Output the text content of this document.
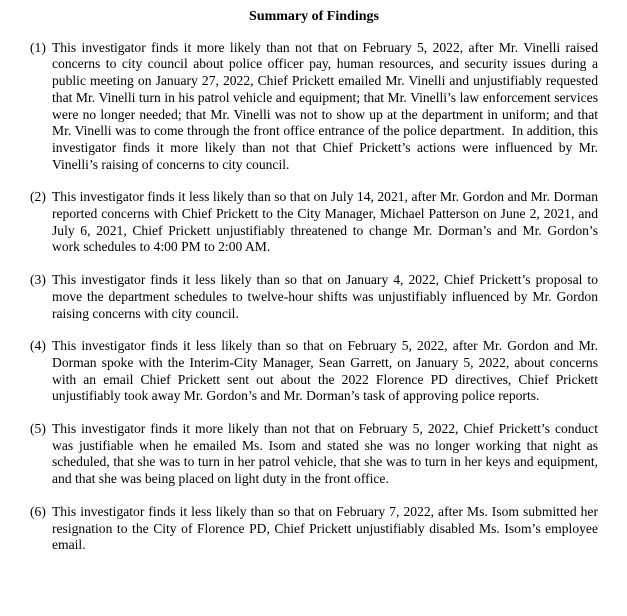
Summary of Findings
(1) This investigator finds it more likely than not that on February 5, 2022, after Mr. Vinelli raised concerns to city council about police officer pay, human resources, and security issues during a public meeting on January 27, 2022, Chief Prickett emailed Mr. Vinelli and unjustifiably requested that Mr. Vinelli turn in his patrol vehicle and equipment; that Mr. Vinelli’s law enforcement services were no longer needed; that Mr. Vinelli was not to show up at the department in uniform; and that Mr. Vinelli was to come through the front office entrance of the police department.  In addition, this investigator finds it more likely than not that Chief Prickett’s actions were influenced by Mr. Vinelli’s raising of concerns to city council.

(2) This investigator finds it less likely than so that on July 14, 2021, after Mr. Gordon and Mr. Dorman reported concerns with Chief Prickett to the City Manager, Michael Patterson on June 2, 2021, and July 6, 2021, Chief Prickett unjustifiably threatened to change Mr. Dorman’s and Mr. Gordon’s work schedules to 4:00 PM to 2:00 AM.

(3) This investigator finds it less likely than so that on January 4, 2022, Chief Prickett’s proposal to move the department schedules to twelve-hour shifts was unjustifiably influenced by Mr. Gordon raising concerns with city council.

(4) This investigator finds it less likely than so that on February 5, 2022, after Mr. Gordon and Mr. Dorman spoke with the Interim-City Manager, Sean Garrett, on January 5, 2022, about concerns with an email Chief Prickett sent out about the 2022 Florence PD directives, Chief Prickett unjustifiably took away Mr. Gordon’s and Mr. Dorman’s task of approving police reports.

(5) This investigator finds it more likely than not that on February 5, 2022, Chief Prickett’s conduct was justifiable when he emailed Ms. Isom and stated she was no longer working that night as scheduled, that she was to turn in her patrol vehicle, that she was to turn in her keys and equipment, and that she was being placed on light duty in the front office.

(6) This investigator finds it less likely than so that on February 7, 2022, after Ms. Isom submitted her resignation to the City of Florence PD, Chief Prickett unjustifiably disabled Ms. Isom’s employee email.
